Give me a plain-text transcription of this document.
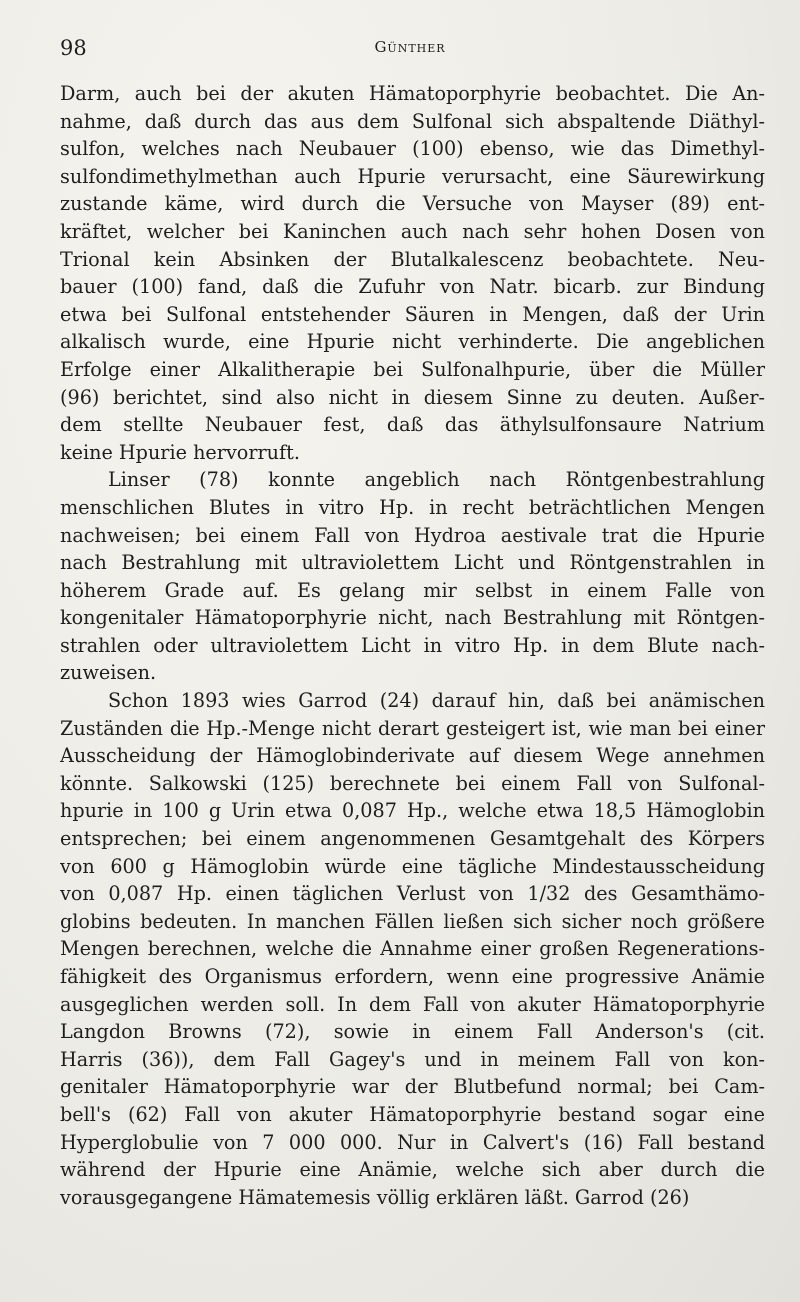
98	Günther
Darm, auch bei der akuten Hämatoporphyrie beobachtet. Die An-
nahme, daß durch das aus dem Sulfonal sich abspaltende Diäthyl-
sulfon, welches nach Neubauer (100) ebenso, wie das Dimethyl-
sulfondimethylmethan auch Hpurie verursacht, eine Säurewirkung
zustande käme, wird durch die Versuche von Mayser (89) ent-
kräftet, welcher bei Kaninchen auch nach sehr hohen Dosen von
Trional kein Absinken der Blutalkalescenz beobachtete. Neu-
bauer (100) fand, daß die Zufuhr von Natr. bicarb. zur Bindung
etwa bei Sulfonal entstehender Säuren in Mengen, daß der Urin
alkalisch wurde, eine Hpurie nicht verhinderte. Die angeblichen
Erfolge einer Alkalitherapie bei Sulfonalhpurie, über die Müller
(96) berichtet, sind also nicht in diesem Sinne zu deuten. Außer-
dem stellte Neubauer fest, daß das äthylsulfonsaure Natrium
keine Hpurie hervorruft.
Linser (78) konnte angeblich nach Röntgenbestrahlung
menschlichen Blutes in vitro Hp. in recht beträchtlichen Mengen
nachweisen; bei einem Fall von Hydroa aestivale trat die Hpurie
nach Bestrahlung mit ultraviolettem Licht und Röntgenstrahlen in
höherem Grade auf. Es gelang mir selbst in einem Falle von
kongenitaler Hämatoporphyrie nicht, nach Bestrahlung mit Röntgen-
strahlen oder ultraviolettem Licht in vitro Hp. in dem Blute nach-
zuweisen.
Schon 1893 wies Garrod (24) darauf hin, daß bei anämischen
Zuständen die Hp.-Menge nicht derart gesteigert ist, wie man bei einer
Ausscheidung der Hämoglobinderivate auf diesem Wege annehmen
könnte. Salkowski (125) berechnete bei einem Fall von Sulfonal-
hpurie in 100 g Urin etwa 0,087 Hp., welche etwa 18,5 Hämoglobin
entsprechen; bei einem angenommenen Gesamtgehalt des Körpers
von 600 g Hämoglobin würde eine tägliche Mindestausscheidung
von 0,087 Hp. einen täglichen Verlust von 1/32 des Gesamthämo-
globins bedeuten. In manchen Fällen ließen sich sicher noch größere
Mengen berechnen, welche die Annahme einer großen Regenerations-
fähigkeit des Organismus erfordern, wenn eine progressive Anämie
ausgeglichen werden soll. In dem Fall von akuter Hämatoporphyrie
Langdon Browns (72), sowie in einem Fall Anderson's (cit.
Harris (36)), dem Fall Gagey's und in meinem Fall von kon-
genitaler Hämatoporphyrie war der Blutbefund normal; bei Cam-
bell's (62) Fall von akuter Hämatoporphyrie bestand sogar eine
Hyperglobulie von 7 000 000. Nur in Calvert's (16) Fall bestand
während der Hpurie eine Anämie, welche sich aber durch die
vorausgegangene Hämatemesis völlig erklären läßt. Garrod (26)
